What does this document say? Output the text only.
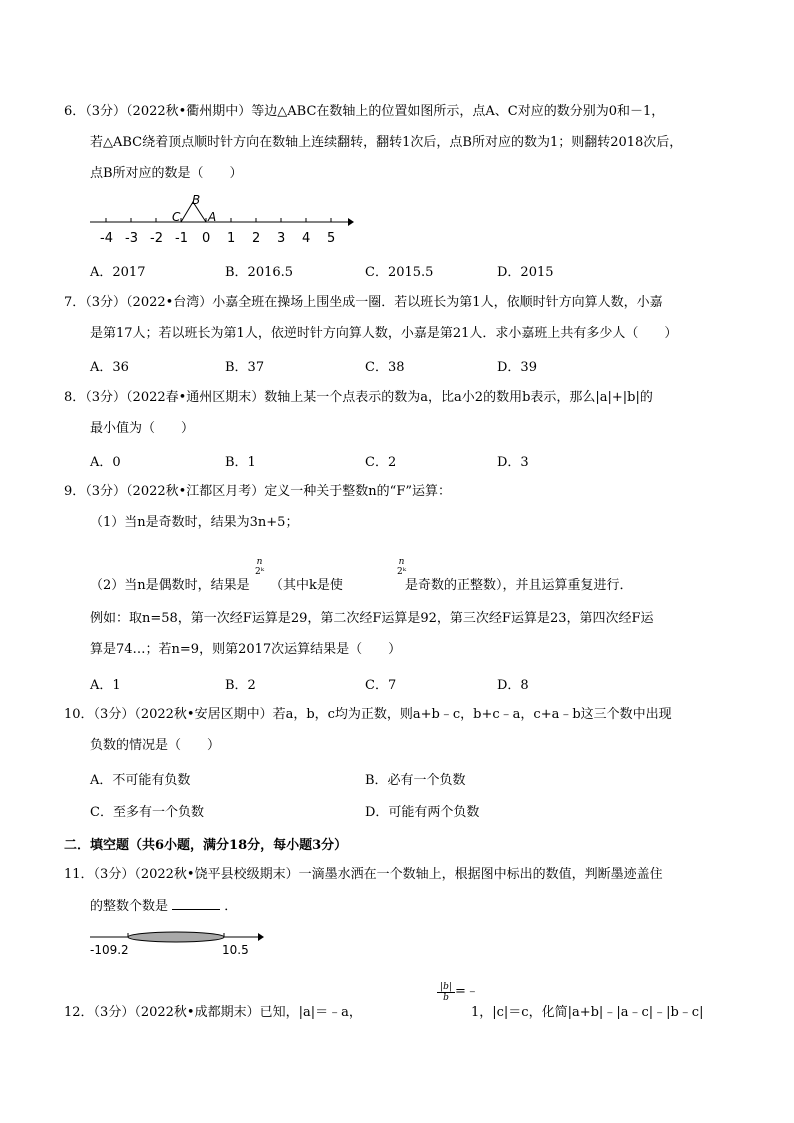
6．（3分）（2022秋•衢州期中）等边△ABC在数轴上的位置如图所示，点A、C对应的数分别为0和－1，
若△ABC绕着顶点顺时针方向在数轴上连续翻转，翻转1次后，点B所对应的数为1；则翻转2018次后，
点B所对应的数是（　　）
B
C A
-4 -3 -2 -1 0 1 2 3 4 5
A．2017	B．2016.5	C．2015.5	D．2015
7．（3分）（2022•台湾）小嘉全班在操场上围坐成一圈．若以班长为第1人，依顺时针方向算人数，小嘉
是第17人；若以班长为第1人，依逆时针方向算人数，小嘉是第21人．求小嘉班上共有多少人（　　）
A．36	B．37	C．38	D．39
8．（3分）（2022春•通州区期末）数轴上某一个点表示的数为a，比a小2的数用b表示，那么|a|+|b|的
最小值为（　　）
A．0	B．1	C．2	D．3
9．（3分）（2022秋•江都区月考）定义一种关于整数n的“F”运算：
（1）当n是奇数时，结果为3n+5；
（2）当n是偶数时，结果是
n
2ᵏ
（其中k是使
n
2ᵏ
是奇数的正整数），并且运算重复进行．
例如：取n=58，第一次经F运算是29，第二次经F运算是92，第三次经F运算是23，第四次经F运
算是74…；若n=9，则第2017次运算结果是（　　）
A．1	B．2	C．7	D．8
10．（3分）（2022秋•安居区期中）若a，b，c均为正数，则a+b﹣c，b+c﹣a，c+a﹣b这三个数中出现
负数的情况是（　　）
A．不可能有负数	B．必有一个负数
C．至多有一个负数	D．可能有两个负数
二．填空题（共6小题，满分18分，每小题3分）
11．（3分）（2022秋•饶平县校级期末）一滴墨水洒在一个数轴上，根据图中标出的数值，判断墨迹盖住
的整数个数是	．
-109.2	10.5
12．（3分）（2022秋•成都期末）已知，|a|＝﹣a，
$\frac{|b|}{b}$ =﹣
1，|c|＝c，化简|a+b|﹣|a﹣c|﹣|b﹣c|
